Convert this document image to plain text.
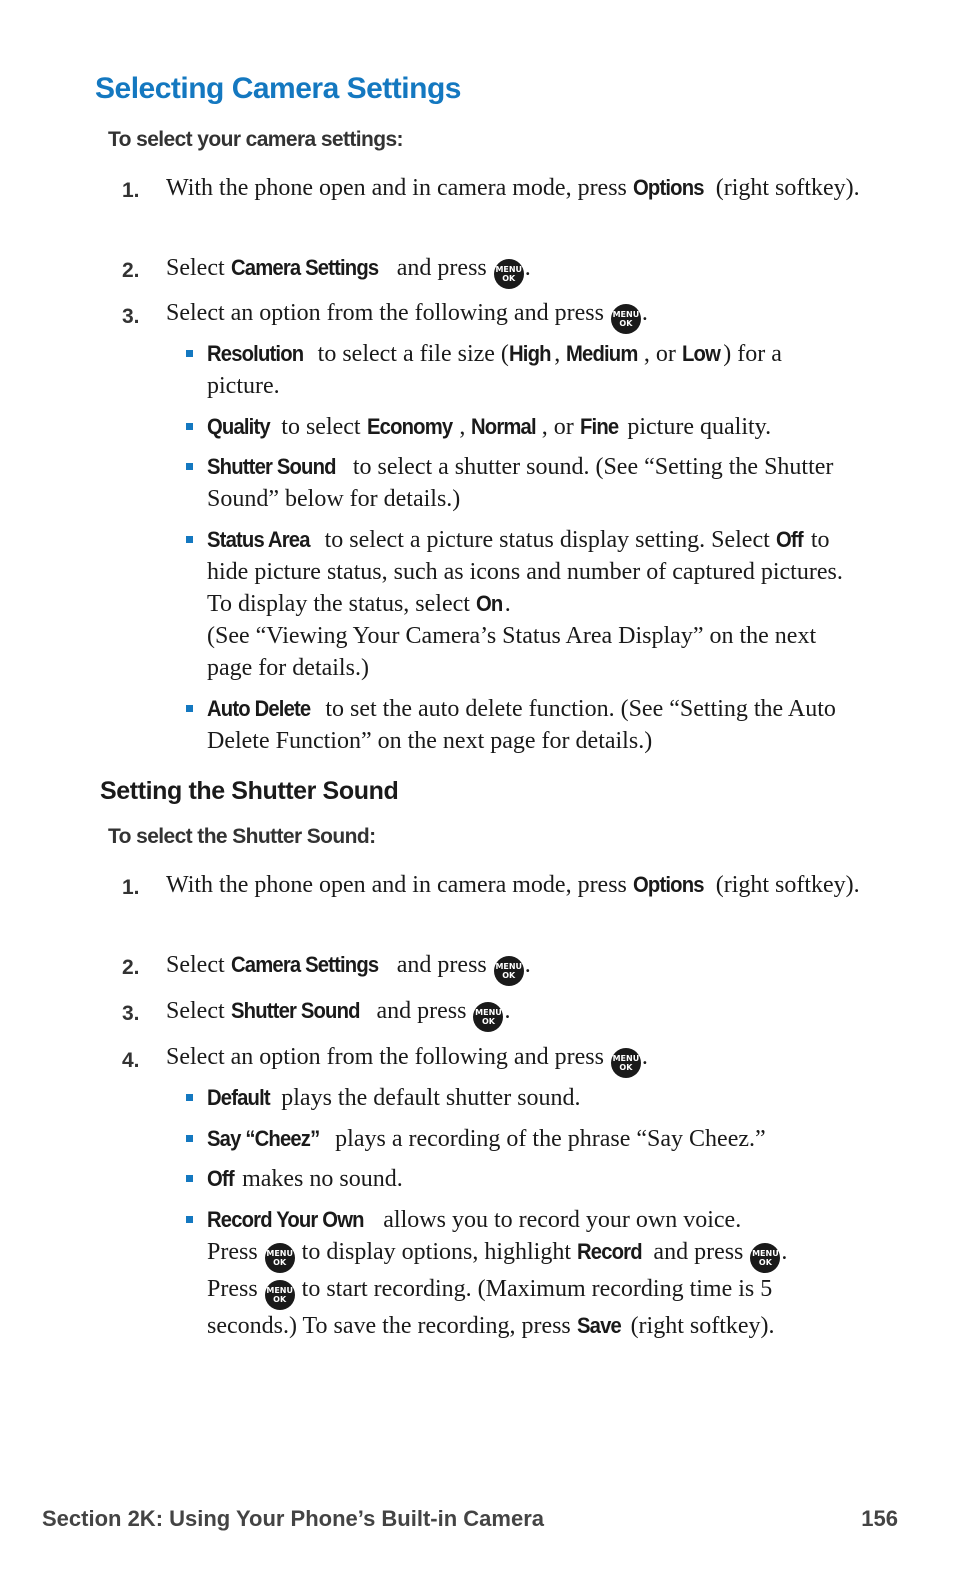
Selecting Camera Settings
To select your camera settings:
1. With the phone open and in camera mode, press Options (right softkey).
2. Select Camera Settings and press MENU
OK .
3. Select an option from the following and press MENU
OK .
Resolution to select a file size (High , Medium , or Low ) for a picture.
Quality to select Economy , Normal , or Fine picture quality.
Shutter Sound to select a shutter sound. (See “Setting the Shutter Sound” below for details.)
Status Area to select a picture status display setting. Select Off to hide picture status, such as icons and number of captured pictures. To display the status, select On.
(See “Viewing Your Camera’s Status Area Display” on the next page for details.)
Auto Delete to set the auto delete function. (See “Setting the Auto Delete Function” on the next page for details.)
Setting the Shutter Sound
To select the Shutter Sound:
1. With the phone open and in camera mode, press Options (right softkey).
2. Select Camera Settings and press MENU
OK .
3. Select Shutter Sound and press MENU
OK .
4. Select an option from the following and press MENU
OK .
Default plays the default shutter sound.
Say “Cheez” plays a recording of the phrase “Say Cheez.”
Off makes no sound.
Record Your Own allows you to record your own voice.
Press MENU
OK to display options, highlight Record and press MENU
OK .
Press MENU
OK to start recording. (Maximum recording time is 5 seconds.) To save the recording, press Save (right softkey).
Section 2K: Using Your Phone’s Built-in Camera	156
